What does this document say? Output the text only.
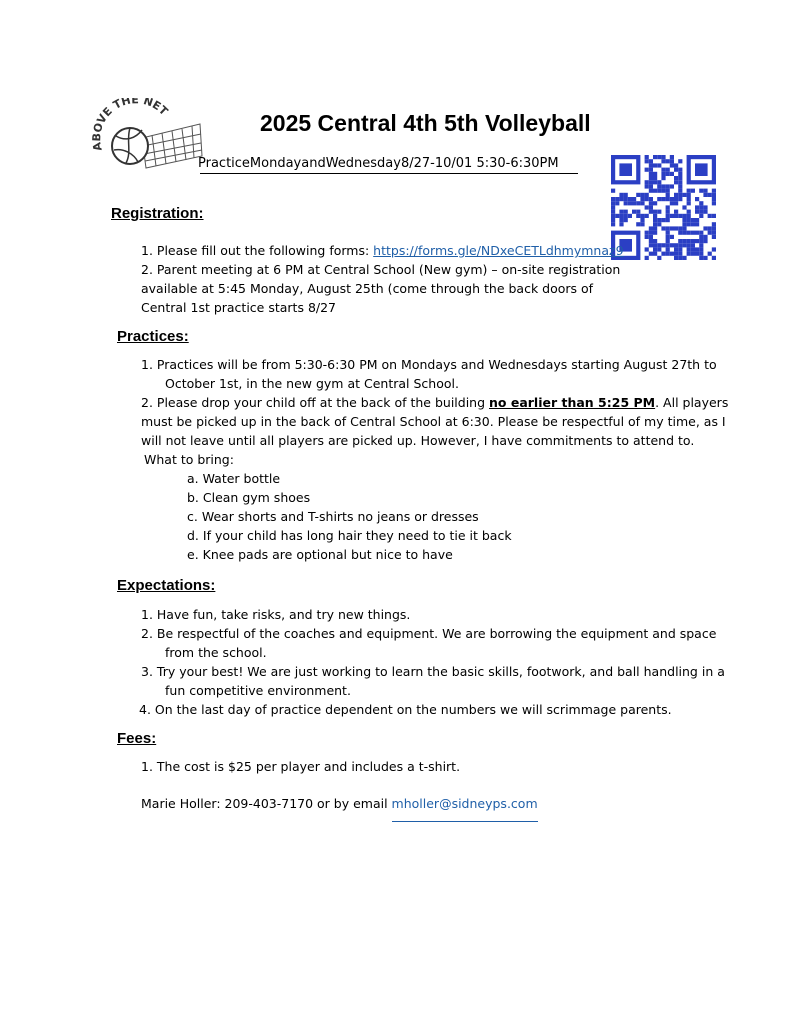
OVE THE NET	2025 Central 4th 5th Volleyball
PracticeMondayandWednesday8/27-10/01 5:30-6:30PM
Registration:
1. Please fill out the following forms: https://forms.gle/NDxeCETLdhmymnaz9
2. Parent meeting at 6 PM at Central School (New gym) – on-site registration
available at 5:45 Monday, August 25th (come through the back doors of
Central 1st practice starts 8/27
Practices:
1. Practices will be from 5:30-6:30 PM on Mondays and Wednesdays starting August 27th to
October 1st, in the new gym at Central School.
2. Please drop your child off at the back of the building no earlier than 5:25 PM. All players
must be picked up in the back of Central School at 6:30. Please be respectful of my time, as I
will not leave until all players are picked up. However, I have commitments to attend to.
What to bring:
a. Water bottle
b. Clean gym shoes
c. Wear shorts and T-shirts no jeans or dresses
d. If your child has long hair they need to tie it back
e. Knee pads are optional but nice to have
Expectations:
1. Have fun, take risks, and try new things.
2. Be respectful of the coaches and equipment. We are borrowing the equipment and space
from the school.
3. Try your best! We are just working to learn the basic skills, footwork, and ball handling in a
fun competitive environment.
4. On the last day of practice dependent on the numbers we will scrimmage parents.
Fees:
1. The cost is $25 per player and includes a t-shirt.
Marie Holler: 209-403-7170 or by email mholler@sidneyps.com
